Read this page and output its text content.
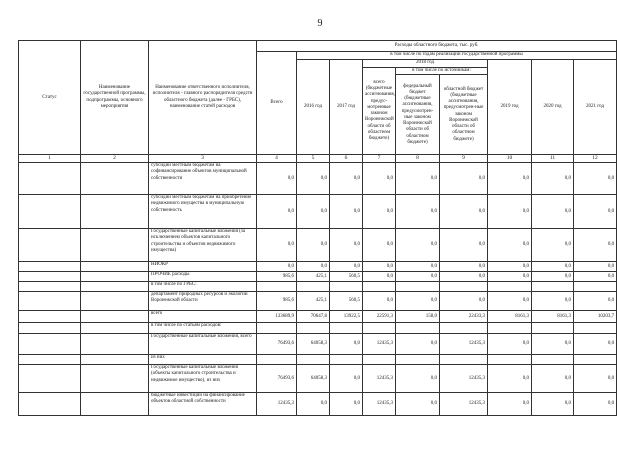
9
Статус	Наименование государственной программы, подпрограммы, основного мероприятия	Наименование ответственного исполнителя, исполнителя - главного распорядителя средств областного бюджета (далее - ГРБС), наименование статей расходов	Расходы областного бюджета, тыс. руб.								
			Всего	в том числе по годам реализации государственной программы							
				2016 год	2017 год	2018 год			2019 год	2020 год	2021 год
						всего (бюджетные ассигнования, предус-мотренные законом Воронежской области об областном бюджете)	в том числе по источникам:				
							федеральный бюджет (бюджетные ассигнования, предусмотрен-ные законом Воронежской области об областном бюджете)	областной бюджет (бюджетные ассигнования, предусмотрен-ные законом Воронежской области об областном бюджете)			
1	2	3	4	5	6	7	8	9	10	11	12
		субсидии местным бюджетам на софинансирование объектов муниципальной собственности	0,0	0,0	0,0	0,0	0,0	0,0	0,0	0,0	0,0
		субсидии местным бюджетам на приобретение недвижимого имущества в муниципальную собственность	0,0	0,0	0,0	0,0	0,0	0,0	0,0	0,0	0,0
		Государственные капитальные вложения (за исключением объектов капитального строительства и объектов недвижимого имущества)	0,0	0,0	0,0	0,0	0,0	0,0	0,0	0,0	0,0
		НИОКР	0,0	0,0	0,0	0,0	0,0	0,0	0,0	0,0	0,0
		ПРОЧИЕ расходы	985,6	425,1	560,5	0,0	0,0	0,0	0,0	0,0	0,0
		в том числе по ГРБС:									
		департамент природных ресурсов и экологии Воронежской области	985,6	425,1	560,5	0,0	0,0	0,0	0,0	0,0	0,0
		всего	133689,9	70647,8	13922,5	22591,3	158,0	22433,3	8161,3	8161,3	10203,7
		в том числе по статьям расходов:									
		Государственные капитальные вложения, всего	76493,6	64058,3	0,0	12435,3	0,0	12435,3	0,0	0,0	0,0
		из них									
		Государственные капитальные вложения (объекты капитального строительства и недвижимое имущество), из них	76493,6	64058,3	0,0	12435,3	0,0	12435,3	0,0	0,0	0,0
		бюджетные инвестиции на финансирование объектов областной собственности	12435,3	0,0	0,0	12435,3	0,0	12435,3	0,0	0,0	0,0
